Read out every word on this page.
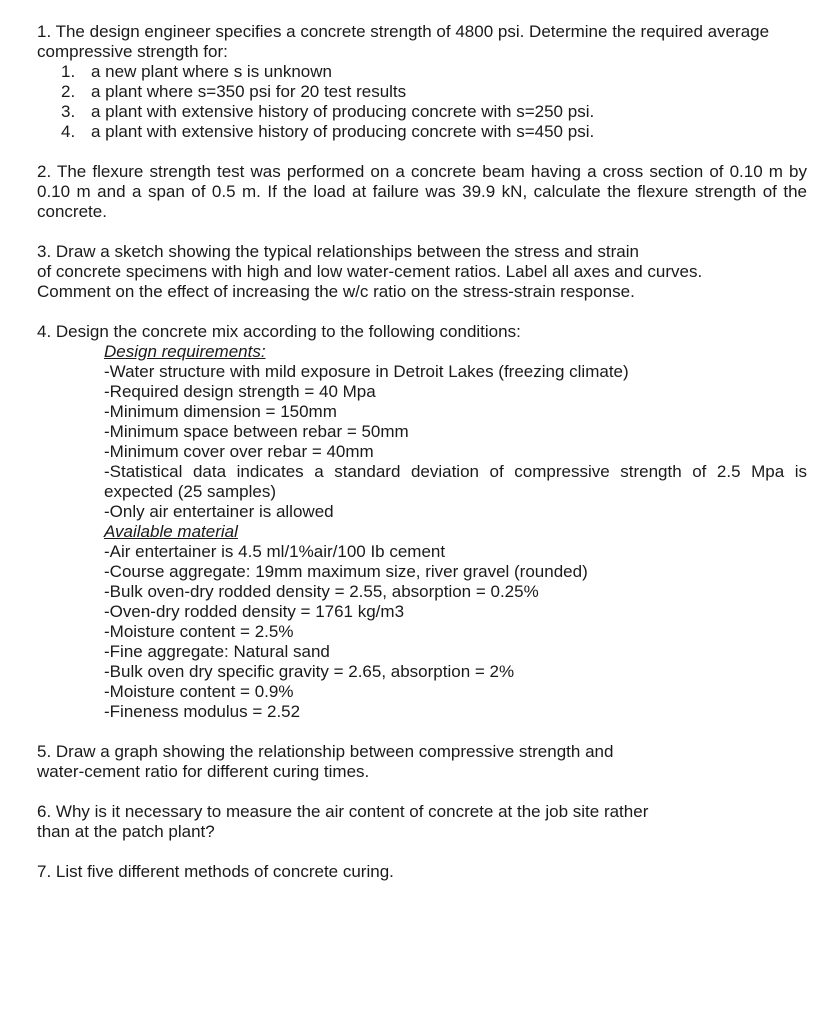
1. The design engineer specifies a concrete strength of 4800 psi. Determine the required average compressive strength for:

1. a new plant where s is unknown
2. a plant where s=350 psi for 20 test results
3. a plant with extensive history of producing concrete with s=250 psi.
4. a plant with extensive history of producing concrete with s=450 psi.

2. The flexure strength test was performed on a concrete beam having a cross section of 0.10 m by 0.10 m and a span of 0.5 m. If the load at failure was 39.9 kN, calculate the flexure strength of the concrete.

3. Draw a sketch showing the typical relationships between the stress and strain

of concrete specimens with high and low water-cement ratios. Label all axes and curves.

Comment on the effect of increasing the w/c ratio on the stress-strain response.

4. Design the concrete mix according to the following conditions:

Design requirements:
-Water structure with mild exposure in Detroit Lakes (freezing climate)
-Required design strength = 40 Mpa
-Minimum dimension = 150mm
-Minimum space between rebar = 50mm
-Minimum cover over rebar = 40mm
-Statistical data indicates a standard deviation of compressive strength of 2.5 Mpa is expected (25 samples)
-Only air entertainer is allowed
Available material
-Air entertainer is 4.5 ml/1%air/100 Ib cement
-Course aggregate: 19mm maximum size, river gravel (rounded)
-Bulk oven-dry rodded density = 2.55, absorption = 0.25%
-Oven-dry rodded density = 1761 kg/m3
-Moisture content = 2.5%
-Fine aggregate: Natural sand
-Bulk oven dry specific gravity = 2.65, absorption = 2%
-Moisture content = 0.9%
-Fineness modulus = 2.52

5. Draw a graph showing the relationship between compressive strength and

water-cement ratio for different curing times.

6. Why is it necessary to measure the air content of concrete at the job site rather

than at the patch plant?

7. List five different methods of concrete curing.
